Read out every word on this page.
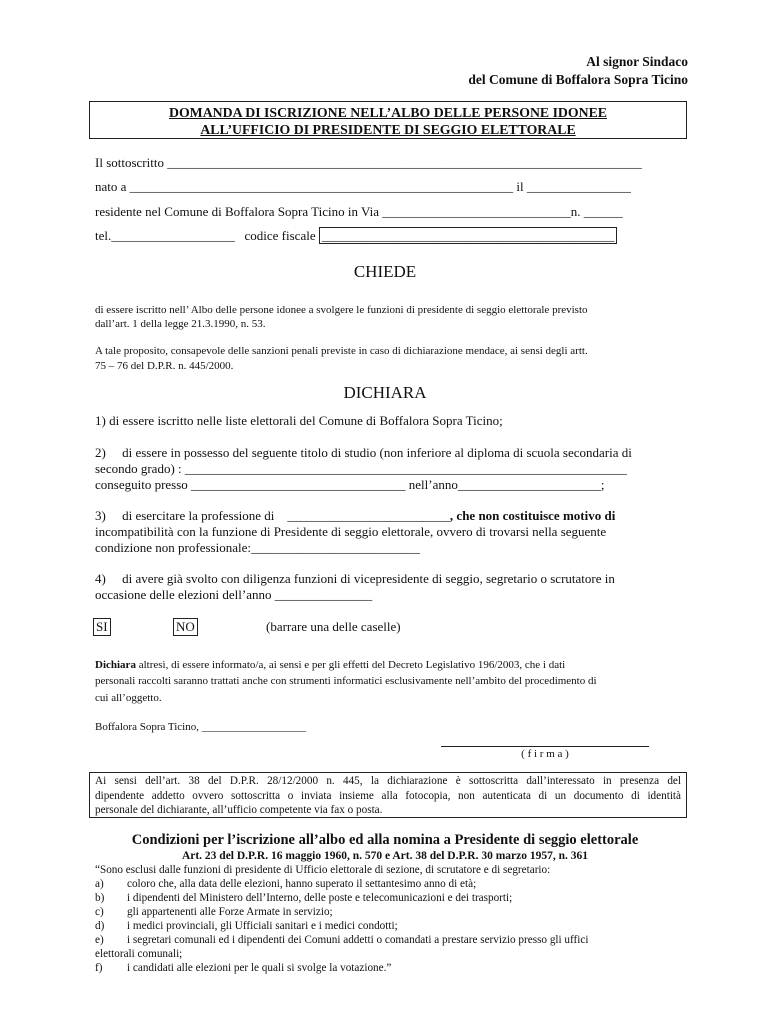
Al signor Sindaco
del Comune di Boffalora Sopra Ticino
DOMANDA DI ISCRIZIONE NELL’ALBO DELLE PERSONE IDONEE
ALL’UFFICIO DI PRESIDENTE DI SEGGIO ELETTORALE
Il sottoscritto _________________________________________________________________________
nato a ___________________________________________________________ il ________________
residente nel Comune di Boffalora Sopra Ticino in Via _____________________________n. ______
tel.___________________ codice fiscale _____________________________________________
CHIEDE
di essere iscritto nell’ Albo delle persone idonee a svolgere le funzioni di presidente di seggio elettorale previsto
dall’art. 1 della legge 21.3.1990, n. 53.
A tale proposito, consapevole delle sanzioni penali previste in caso di dichiarazione mendace, ai sensi degli artt.
75 – 76 del D.P.R. n. 445/2000.
DICHIARA
1) di essere iscritto nelle liste elettorali del Comune di Boffalora Sopra Ticino;
2) di essere in possesso del seguente titolo di studio (non inferiore al diploma di scuola secondaria di
secondo grado) : ____________________________________________________________________
conseguito presso _________________________________ nell’anno______________________;
3) di esercitare la professione di _________________________, che non costituisce motivo di
incompatibilità con la funzione di Presidente di seggio elettorale, ovvero di trovarsi nella seguente
condizione non professionale:__________________________
4) di avere già svolto con diligenza funzioni di vicepresidente di seggio, segretario o scrutatore in
occasione delle elezioni dell’anno _______________
SI	NO	(barrare una delle caselle)
Dichiara altresì, di essere informato/a, ai sensi e per gli effetti del Decreto Legislativo 196/2003, che i dati
personali raccolti saranno trattati anche con strumenti informatici esclusivamente nell’ambito del procedimento di
cui all’oggetto.
Boffalora Sopra Ticino, ___________________
( f i r m a )
Ai sensi dell’art. 38 del D.P.R. 28/12/2000 n. 445, la dichiarazione è sottoscritta dall’interessato in presenza del
dipendente addetto ovvero sottoscritta o inviata insieme alla fotocopia, non autenticata di un documento di identità
personale del dichiarante, all’ufficio competente via fax o posta.
Condizioni per l’iscrizione all’albo ed alla nomina a Presidente di seggio elettorale
Art. 23 del D.P.R. 16 maggio 1960, n. 570 e Art. 38 del D.P.R. 30 marzo 1957, n. 361
“Sono esclusi dalle funzioni di presidente di Ufficio elettorale di sezione, di scrutatore e di segretario:
a) coloro che, alla data delle elezioni, hanno superato il settantesimo anno di età;
b) i dipendenti del Ministero dell’Interno, delle poste e telecomunicazioni e dei trasporti;
c) gli appartenenti alle Forze Armate in servizio;
d) i medici provinciali, gli Ufficiali sanitari e i medici condotti;
e) i segretari comunali ed i dipendenti dei Comuni addetti o comandati a prestare servizio presso gli uffici
elettorali comunali;
f) i candidati alle elezioni per le quali si svolge la votazione.”
